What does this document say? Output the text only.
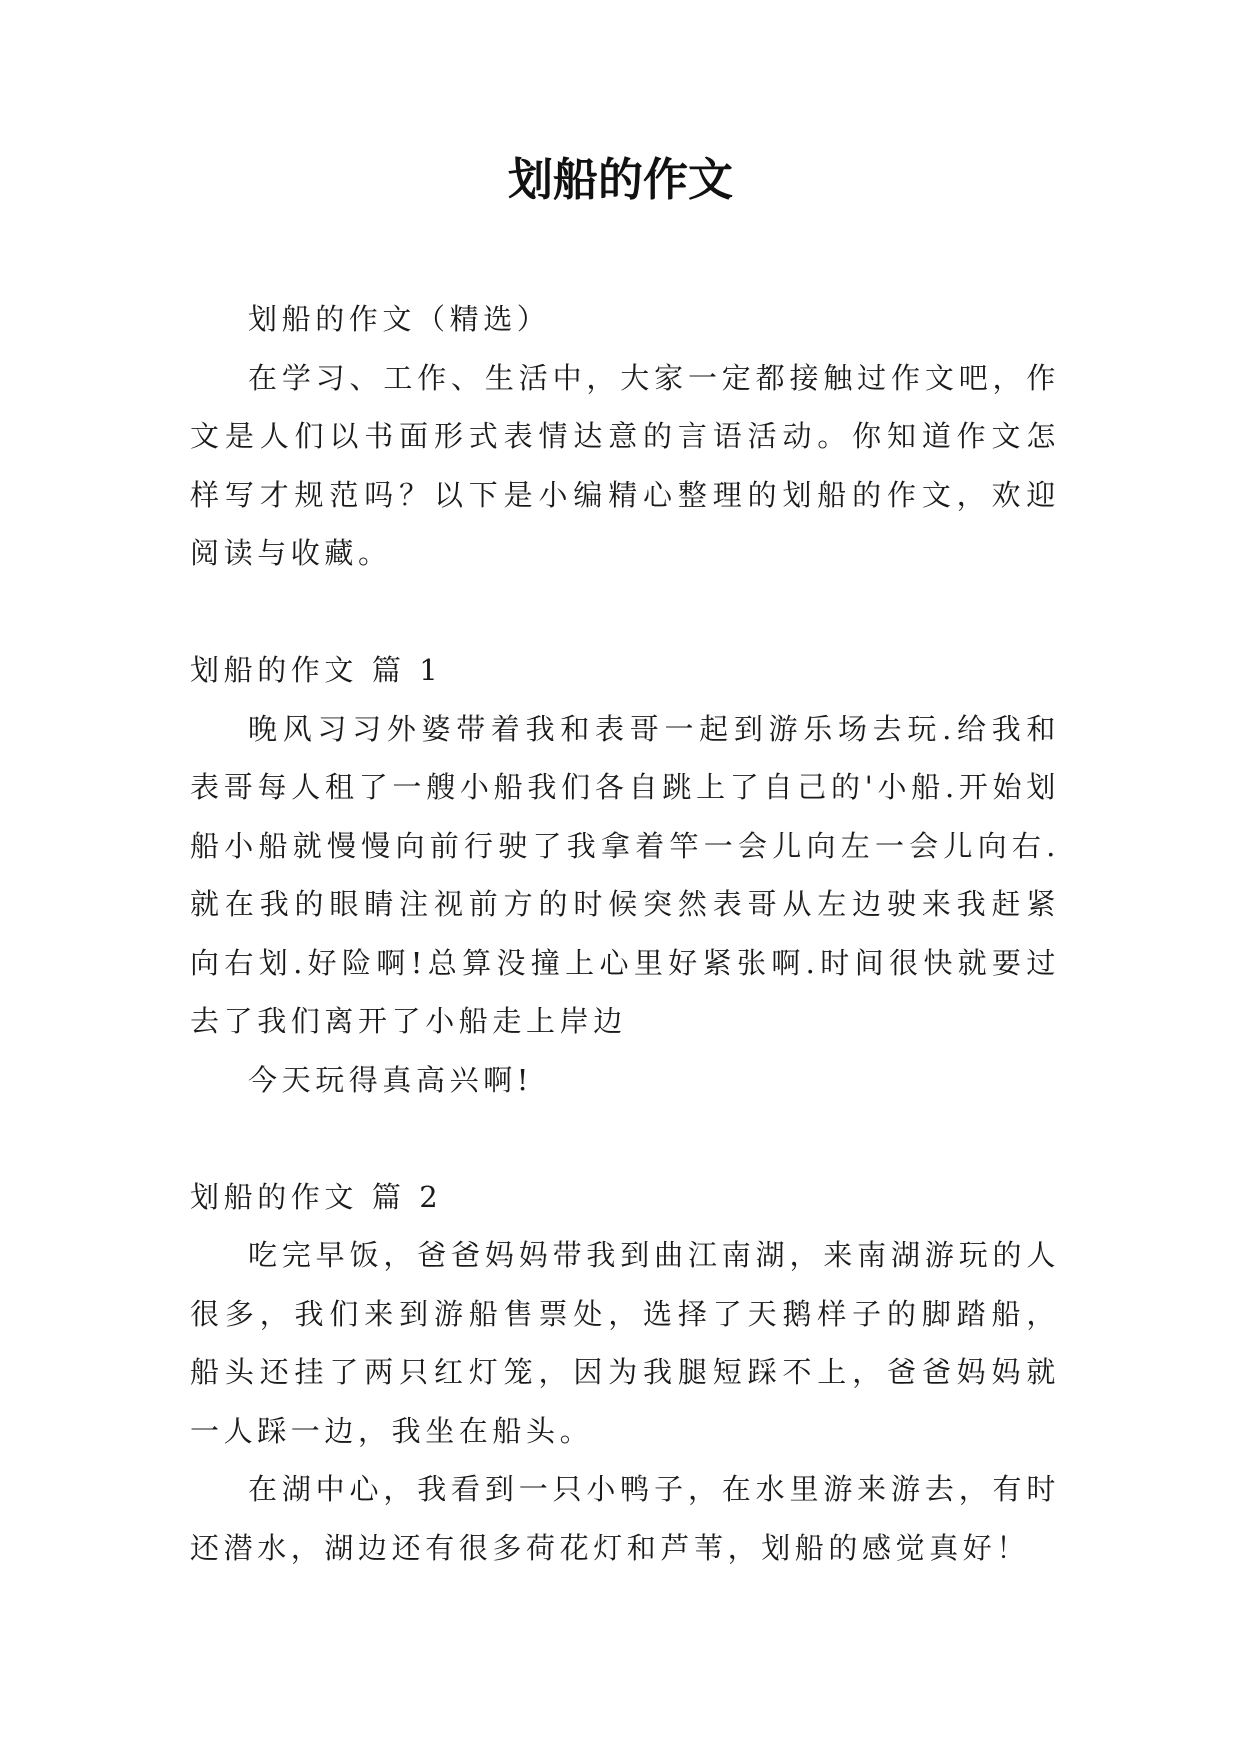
划船的作文

划船的作文（精选）

在学习、工作、生活中，大家一定都接触过作文吧，作文是人们以书面形式表情达意的言语活动。你知道作文怎样写才规范吗？以下是小编精心整理的划船的作文，欢迎阅读与收藏。

划船的作文 篇 1

晚风习习外婆带着我和表哥一起到游乐场去玩.给我和表哥每人租了一艘小船我们各自跳上了自己的'小船.开始划船小船就慢慢向前行驶了我拿着竿一会儿向左一会儿向右.就在我的眼睛注视前方的时候突然表哥从左边驶来我赶紧向右划.好险啊!总算没撞上心里好紧张啊.时间很快就要过去了我们离开了小船走上岸边

今天玩得真高兴啊!

划船的作文 篇 2

吃完早饭，爸爸妈妈带我到曲江南湖，来南湖游玩的人很多，我们来到游船售票处，选择了天鹅样子的脚踏船，船头还挂了两只红灯笼，因为我腿短踩不上，爸爸妈妈就一人踩一边，我坐在船头。

在湖中心，我看到一只小鸭子，在水里游来游去，有时还潜水，湖边还有很多荷花灯和芦苇，划船的感觉真好！
